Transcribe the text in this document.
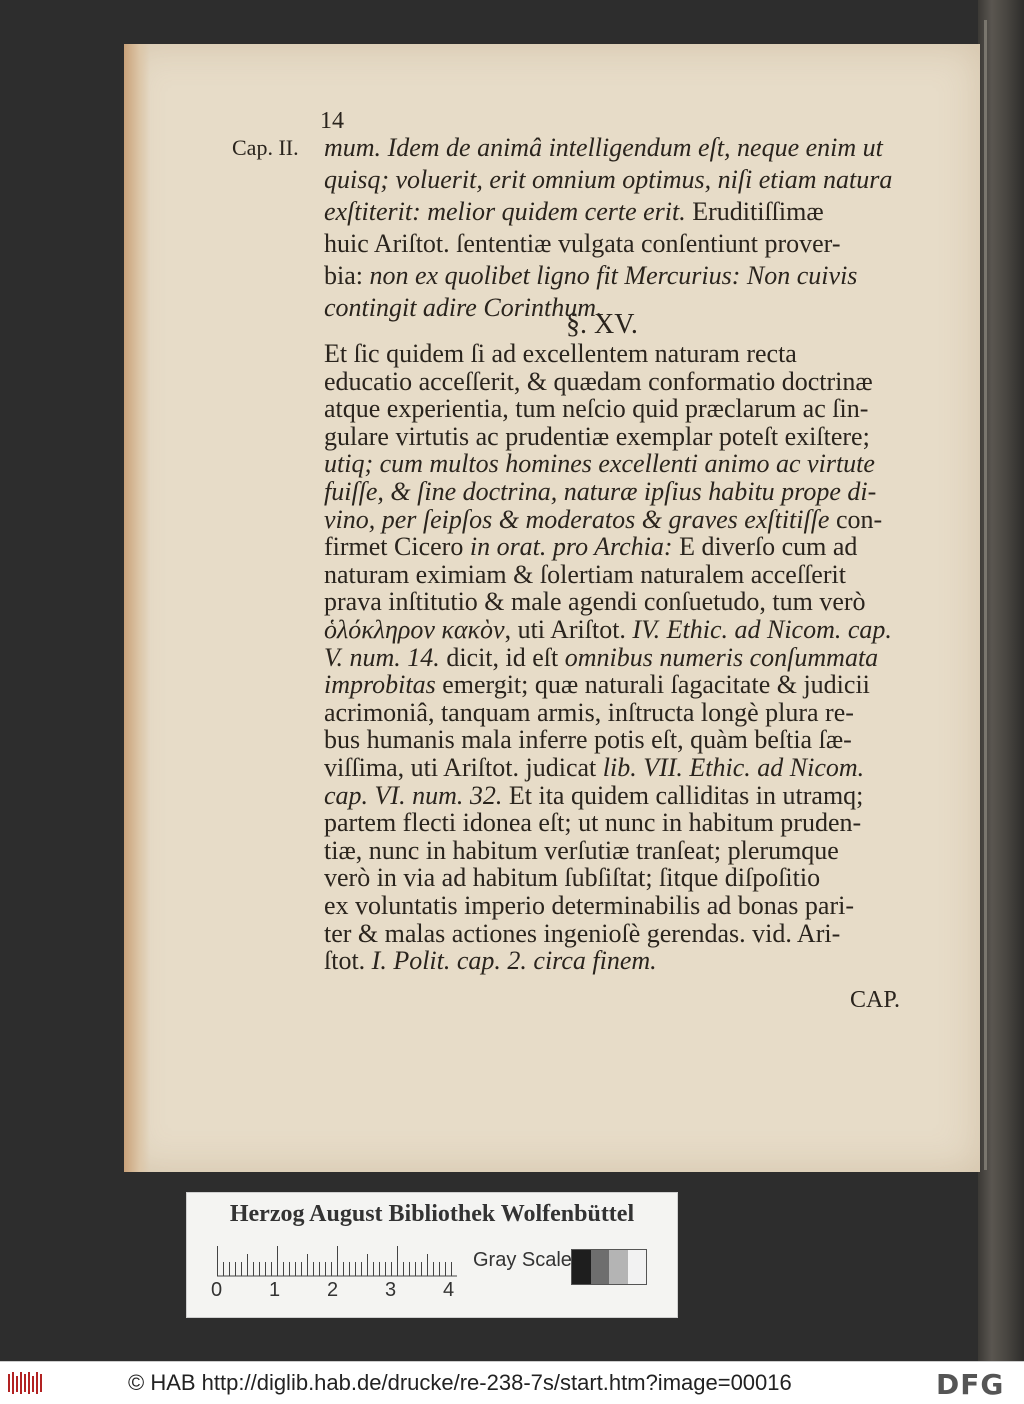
14
Cap. II. mum. Idem de animâ intelligendum eſt, neque enim ut
quisq; voluerit, erit omnium optimus, niſi etiam natura
exſtiterit: melior quidem certe erit. Eruditiſſimæ
huic Ariſtot. ſententiæ vulgata conſentiunt prover-
bia: non ex quolibet ligno fit Mercurius: Non cuivis
contingit adire Corinthum.
§. XV.
Et ſic quidem ſi ad excellentem naturam recta
educatio acceſſerit, & quædam conformatio doctrinæ
atque experientia, tum neſcio quid præclarum ac ſin-
gulare virtutis ac prudentiæ exemplar poteſt exiſtere;
utiq; cum multos homines excellenti animo ac virtute
fuiſſe, & ſine doctrina, naturæ ipſius habitu prope di-
vino, per ſeipſos & moderatos & graves exſtitiſſe con-
firmet Cicero in orat. pro Archia: E diverſo cum ad
naturam eximiam & ſolertiam naturalem acceſſerit
prava inſtitutio & male agendi conſuetudo, tum verò
ὁλόκληρον κακὸν, uti Ariſtot. IV. Ethic. ad Nicom. cap.
V. num. 14. dicit, id eſt omnibus numeris conſummata
improbitas emergit; quæ naturali ſagacitate & judicii
acrimoniâ, tanquam armis, inſtructa longè plura re-
bus humanis mala inferre potis eſt, quàm beſtia ſæ-
viſſima, uti Ariſtot. judicat lib. VII. Ethic. ad Nicom.
cap. VI. num. 32. Et ita quidem calliditas in utramq;
partem flecti idonea eſt; ut nunc in habitum pruden-
tiæ, nunc in habitum verſutiæ tranſeat; plerumque
verò in via ad habitum ſubſiſtat; ſitque diſpoſitio
ex voluntatis imperio determinabilis ad bonas pari-
ter & malas actiones ingenioſè gerendas. vid. Ari-
ſtot. I. Polit. cap. 2. circa finem.
CAP.
Herzog August Bibliothek Wolfenbüttel
0 1 2 3 4
Gray Scale
© HAB http://diglib.hab.de/drucke/re-238-7s/start.htm?image=00016	DFG
